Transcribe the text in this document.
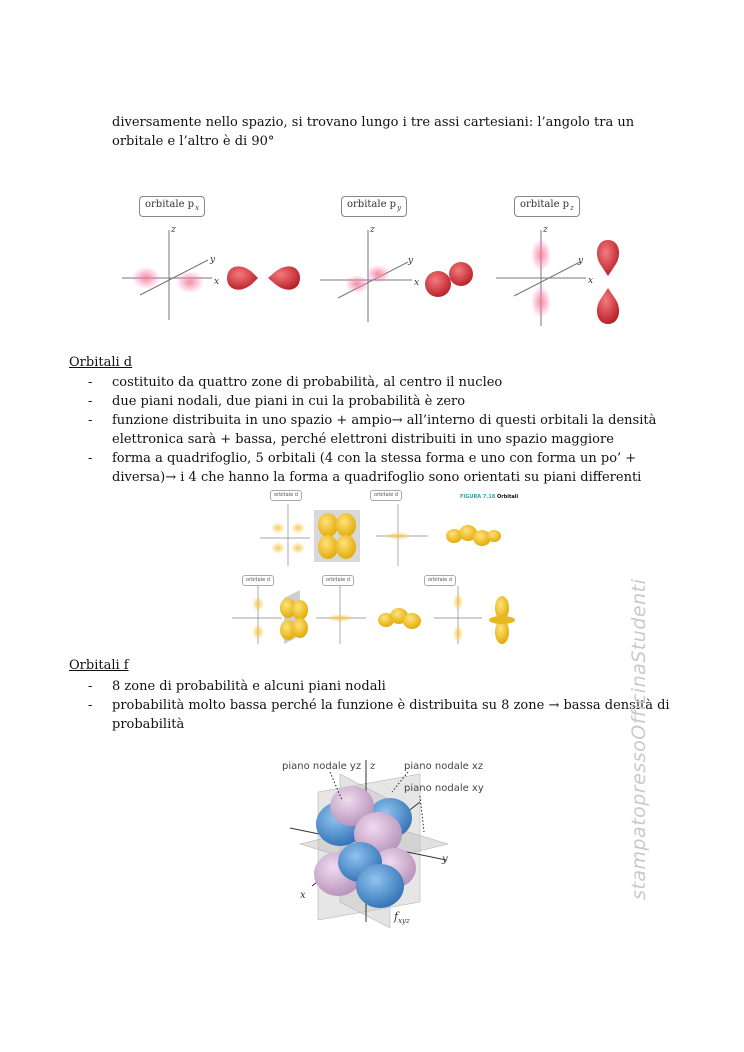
diversamente nello spazio, si trovano lungo i tre assi cartesiani: l’angolo tra un orbitale e l’altro è di 90°
orbitale p $_x$	orbitale p $_y$	orbitale p $_z$
z
y
x
z
y
x
z
y
x
Orbitali d
- costituito da quattro zone di probabilità, al centro il nucleo
- due piani nodali, due piani in cui la probabilità è zero
- funzione distribuita in uno spazio + ampio→ all’interno di questi orbitali la densità elettronica sarà + bassa, perché elettroni distribuiti in uno spazio maggiore
- forma a quadrifoglio, 5 orbitali (4 con la stessa forma e uno con forma un po’ + diversa)→ i 4 che hanno la forma a quadrifoglio sono orientati su piani differenti
FIGURA 7.18 Orbitali
orbitale d	orbitale d
orbitale d	orbitale d	orbitale d
Orbitali f
- 8 zone di probabilità e alcuni piani nodali
- probabilità molto bassa perché la funzione è distribuita su 8 zone → bassa densità di probabilità
piano nodale yz	piano nodale xz
piano nodale xy
z
y
x
$f_{xyz}$
stampatopressoOfficinaStudenti
